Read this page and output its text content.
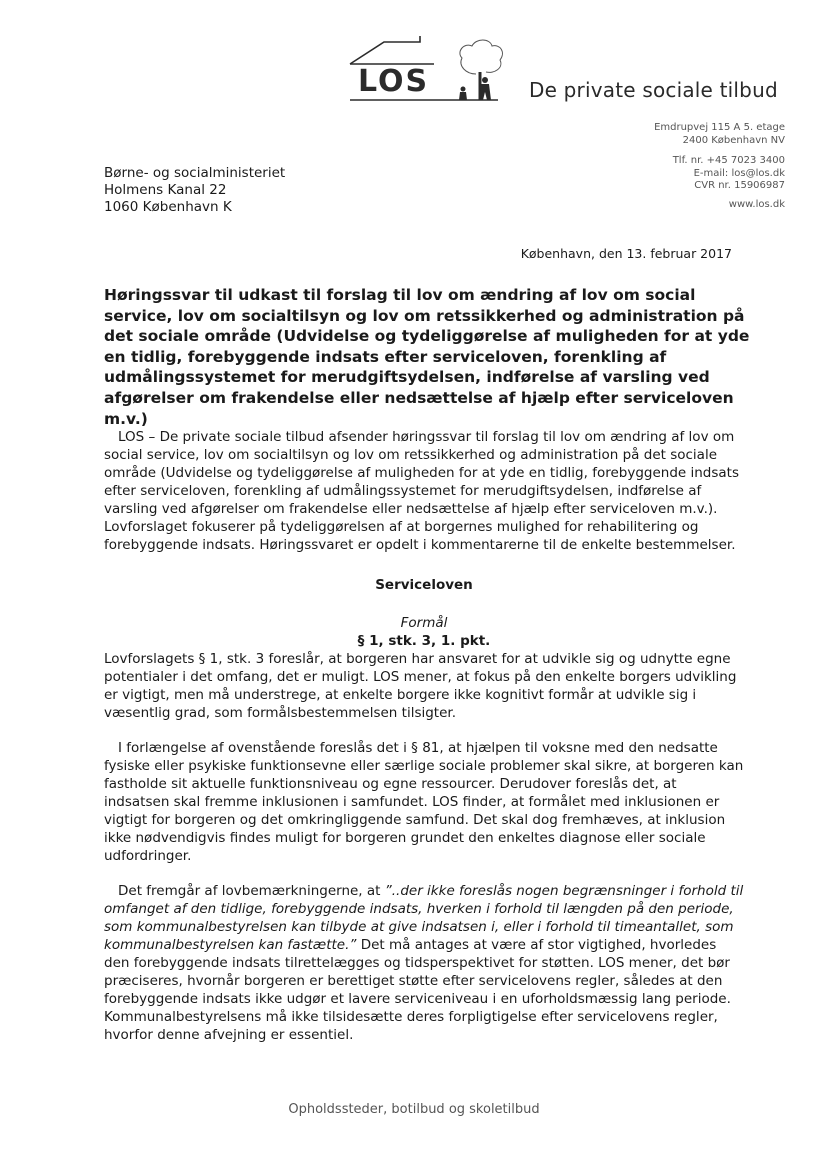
LOS	De private sociale tilbud
Emdrupvej 115 A 5. etage
2400 København NV
Tlf. nr. +45 7023 3400
E-mail: los@los.dk
CVR nr. 15906987
www.los.dk
Børne- og socialministeriet
Holmens Kanal 22
1060 København K
København, den 13. februar 2017
Høringssvar til udkast til forslag til lov om ændring af lov om social service, lov om socialtilsyn og lov om retssikkerhed og administration på det sociale område (Udvidelse og tydeliggørelse af muligheden for at yde en tidlig, forebyggende indsats efter serviceloven, forenkling af udmålingssystemet for merudgiftsydelsen, indførelse af varsling ved afgørelser om frakendelse eller nedsættelse af hjælp efter serviceloven m.v.)

LOS – De private sociale tilbud afsender høringssvar til forslag til lov om ændring af lov om social service, lov om socialtilsyn og lov om retssikkerhed og administration på det sociale område (Udvidelse og tydeliggørelse af muligheden for at yde en tidlig, forebyggende indsats efter serviceloven, forenkling af udmålingssystemet for merudgiftsydelsen, indførelse af varsling ved afgørelser om frakendelse eller nedsættelse af hjælp efter serviceloven m.v.). Lovforslaget fokuserer på tydeliggørelsen af at borgernes mulighed for rehabilitering og forebyggende indsats. Høringssvaret er opdelt i kommentarerne til de enkelte bestemmelser.

Serviceloven

Formål

§ 1, stk. 3, 1. pkt.

Lovforslagets § 1, stk. 3 foreslår, at borgeren har ansvaret for at udvikle sig og udnytte egne potentialer i det omfang, det er muligt. LOS mener, at fokus på den enkelte borgers udvikling er vigtigt, men må understrege, at enkelte borgere ikke kognitivt formår at udvikle sig i væsentlig grad, som formålsbestemmelsen tilsigter.

I forlængelse af ovenstående foreslås det i § 81, at hjælpen til voksne med den nedsatte fysiske eller psykiske funktionsevne eller særlige sociale problemer skal sikre, at borgeren kan fastholde sit aktuelle funktionsniveau og egne ressourcer. Derudover foreslås det, at indsatsen skal fremme inklusionen i samfundet. LOS finder, at formålet med inklusionen er vigtigt for borgeren og det omkringliggende samfund. Det skal dog fremhæves, at inklusion ikke nødvendigvis findes muligt for borgeren grundet den enkeltes diagnose eller sociale udfordringer.

Det fremgår af lovbemærkningerne, at ”..der ikke foreslås nogen begrænsninger i forhold til omfanget af den tidlige, forebyggende indsats, hverken i forhold til længden på den periode, som kommunalbestyrelsen kan tilbyde at give indsatsen i, eller i forhold til timeantallet, som kommunalbestyrelsen kan fastætte.” Det må antages at være af stor vigtighed, hvorledes den forebyggende indsats tilrettelægges og tidsperspektivet for støtten. LOS mener, det bør præciseres, hvornår borgeren er berettiget støtte efter servicelovens regler, således at den forebyggende indsats ikke udgør et lavere serviceniveau i en uforholdsmæssig lang periode. Kommunalbestyrelsens må ikke tilsidesætte deres forpligtigelse efter servicelovens regler, hvorfor denne afvejning er essentiel.

Opholdssteder, botilbud og skoletilbud
